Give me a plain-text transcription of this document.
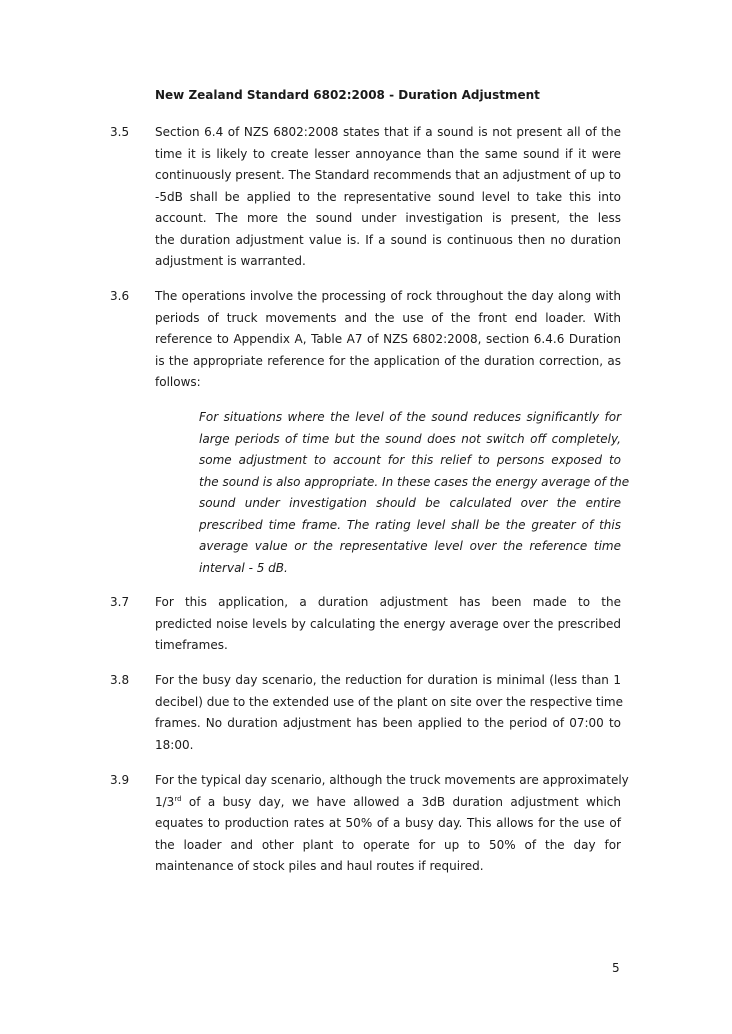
New Zealand Standard 6802:2008 - Duration Adjustment
3.5 Section 6.4 of NZS 6802:2008 states that if a sound is not present all of the
time it is likely to create lesser annoyance than the same sound if it were
continuously present. The Standard recommends that an adjustment of up to
-5dB shall be applied to the representative sound level to take this into
account. The more the sound under investigation is present, the less
the duration adjustment value is. If a sound is continuous then no duration
adjustment is warranted.

3.6 The operations involve the processing of rock throughout the day along with
periods of truck movements and the use of the front end loader. With
reference to Appendix A, Table A7 of NZS 6802:2008, section 6.4.6 Duration
is the appropriate reference for the application of the duration correction, as
follows:

For situations where the level of the sound reduces significantly for
large periods of time but the sound does not switch off completely,
some adjustment to account for this relief to persons exposed to
the sound is also appropriate. In these cases the energy average of the
sound under investigation should be calculated over the entire
prescribed time frame. The rating level shall be the greater of this
average value or the representative level over the reference time
interval - 5 dB.
3.7 For this application, a duration adjustment has been made to the
predicted noise levels by calculating the energy average over the prescribed
timeframes.

3.8 For the busy day scenario, the reduction for duration is minimal (less than 1
decibel) due to the extended use of the plant on site over the respective time
frames. No duration adjustment has been applied to the period of 07:00 to
18:00.

3.9 For the typical day scenario, although the truck movements are approximately
1/3rd of a busy day, we have allowed a 3dB duration adjustment which
equates to production rates at 50% of a busy day. This allows for the use of
the loader and other plant to operate for up to 50% of the day for
maintenance of stock piles and haul routes if required.

5
